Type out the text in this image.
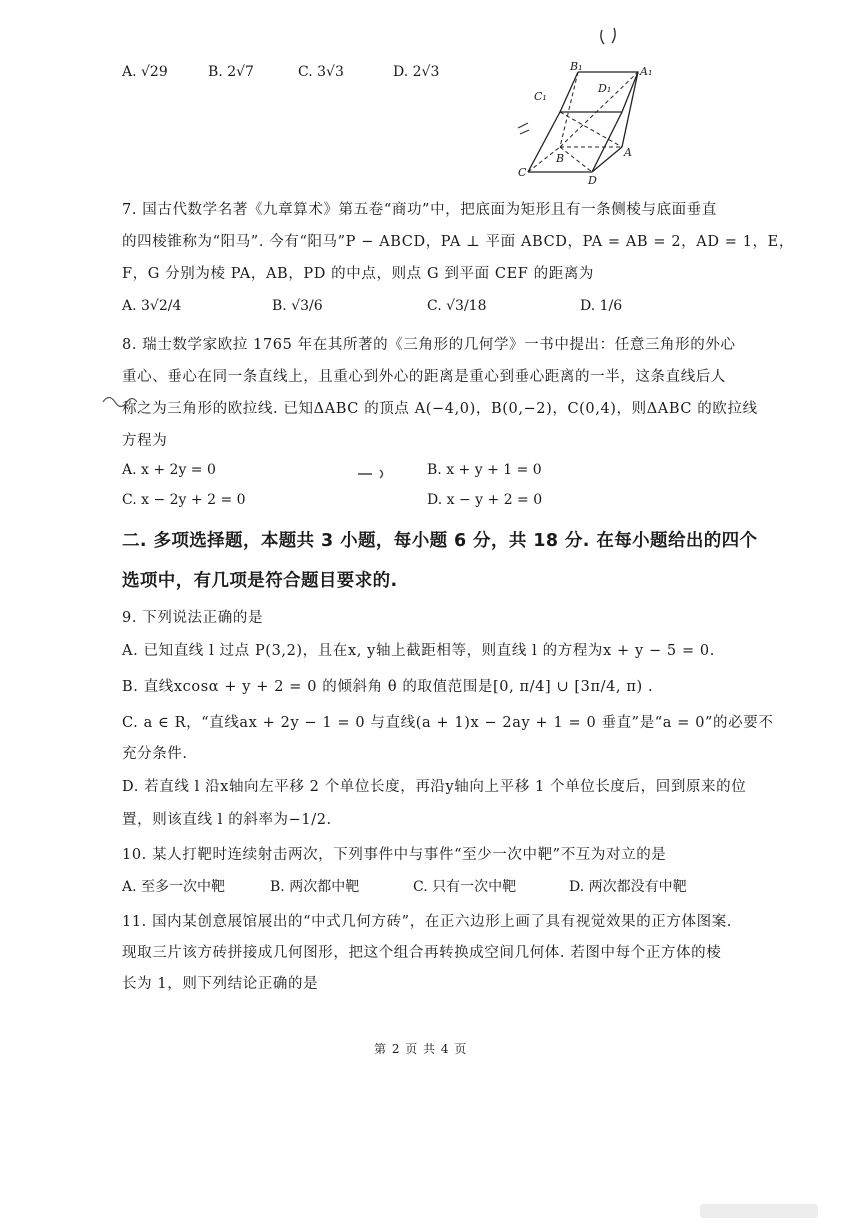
A. √29	B. 2√7	C. 3√3	D. 2√3	B₁	A₁
C₁
D₁
B	A
C
D
7. 国古代数学名著《九章算术》第五卷“商功”中，把底面为矩形且有一条侧棱与底面垂直
的四棱锥称为“阳马”. 今有“阳马”P − ABCD，PA ⊥ 平面 ABCD，PA = AB = 2，AD = 1，E，
F，G 分别为棱 PA，AB，PD 的中点，则点 G 到平面 CEF 的距离为
A. 3√2/4	B. √3/6	C. √3/18	D. 1/6
8. 瑞士数学家欧拉 1765 年在其所著的《三角形的几何学》一书中提出：任意三角形的外心
重心、垂心在同一条直线上，且重心到外心的距离是重心到垂心距离的一半，这条直线后人
称之为三角形的欧拉线. 已知ΔABC 的顶点 A(−4,0)，B(0,−2)，C(0,4)，则ΔABC 的欧拉线
方程为
A. x + 2y = 0	B. x + y + 1 = 0
C. x − 2y + 2 = 0	D. x − y + 2 = 0
二. 多项选择题，本题共 3 小题，每小题 6 分，共 18 分. 在每小题给出的四个
选项中，有几项是符合题目要求的.
9. 下列说法正确的是
A. 已知直线 l 过点 P(3,2)，且在x, y轴上截距相等，则直线 l 的方程为x + y − 5 = 0.
B. 直线xcosα + y + 2 = 0 的倾斜角 θ 的取值范围是[0, π/4] ∪ [3π/4, π) .
C. a ∈ R，“直线ax + 2y − 1 = 0 与直线(a + 1)x − 2ay + 1 = 0 垂直”是“a = 0”的必要不
充分条件.
D. 若直线 l 沿x轴向左平移 2 个单位长度，再沿y轴向上平移 1 个单位长度后，回到原来的位
置，则该直线 l 的斜率为−1/2.
10. 某人打靶时连续射击两次，下列事件中与事件“至少一次中靶”不互为对立的是
A. 至多一次中靶	B. 两次都中靶	C. 只有一次中靶	D. 两次都没有中靶
11. 国内某创意展馆展出的“中式几何方砖”，在正六边形上画了具有视觉效果的正方体图案.
现取三片该方砖拼接成几何图形，把这个组合再转换成空间几何体. 若图中每个正方体的棱
长为 1，则下列结论正确的是
第 2 页 共 4 页
